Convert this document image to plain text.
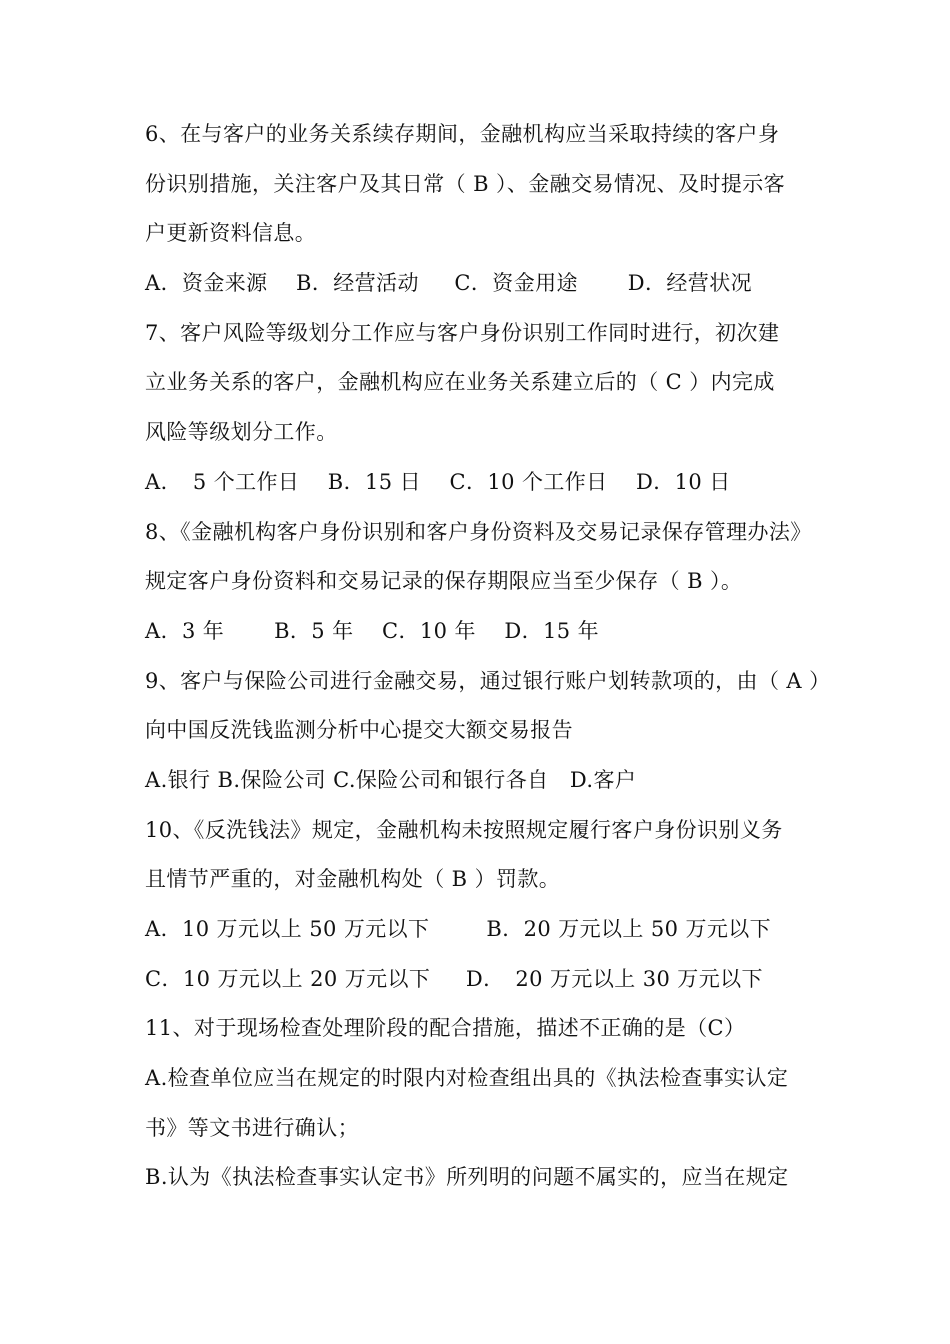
6、在与客户的业务关系续存期间，金融机构应当采取持续的客户身
份识别措施，关注客户及其日常（ B ）、金融交易情况、及时提示客
户更新资料信息。
A．资金来源　 B．经营活动 　 C．资金用途　 　D．经营状况
7、客户风险等级划分工作应与客户身份识别工作同时进行，初次建
立业务关系的客户，金融机构应在业务关系建立后的（ C ）内完成
风险等级划分工作。
A．　5 个工作日 　B．15 日　 C．10 个工作日 　D．10 日
8、《金融机构客户身份识别和客户身份资料及交易记录保存管理办法》
规定客户身份资料和交易记录的保存期限应当至少保存（ B ）。
A．3 年　　 B．5 年　 C．10 年　 D．15 年
9、客户与保险公司进行金融交易，通过银行账户划转款项的，由（ A ）
向中国反洗钱监测分析中心提交大额交易报告
A.银行 B.保险公司 C.保险公司和银行各自　D.客户
10、《反洗钱法》规定，金融机构未按照规定履行客户身份识别义务
且情节严重的，对金融机构处（ B ）罚款。
A．10 万元以上 50 万元以下　 　 B．20 万元以上 50 万元以下
C．10 万元以上 20 万元以下 　 D．　20 万元以上 30 万元以下
11、对于现场检查处理阶段的配合措施，描述不正确的是（C）
A.检查单位应当在规定的时限内对检查组出具的《执法检查事实认定
书》等文书进行确认；
B.认为《执法检查事实认定书》所列明的问题不属实的，应当在规定
